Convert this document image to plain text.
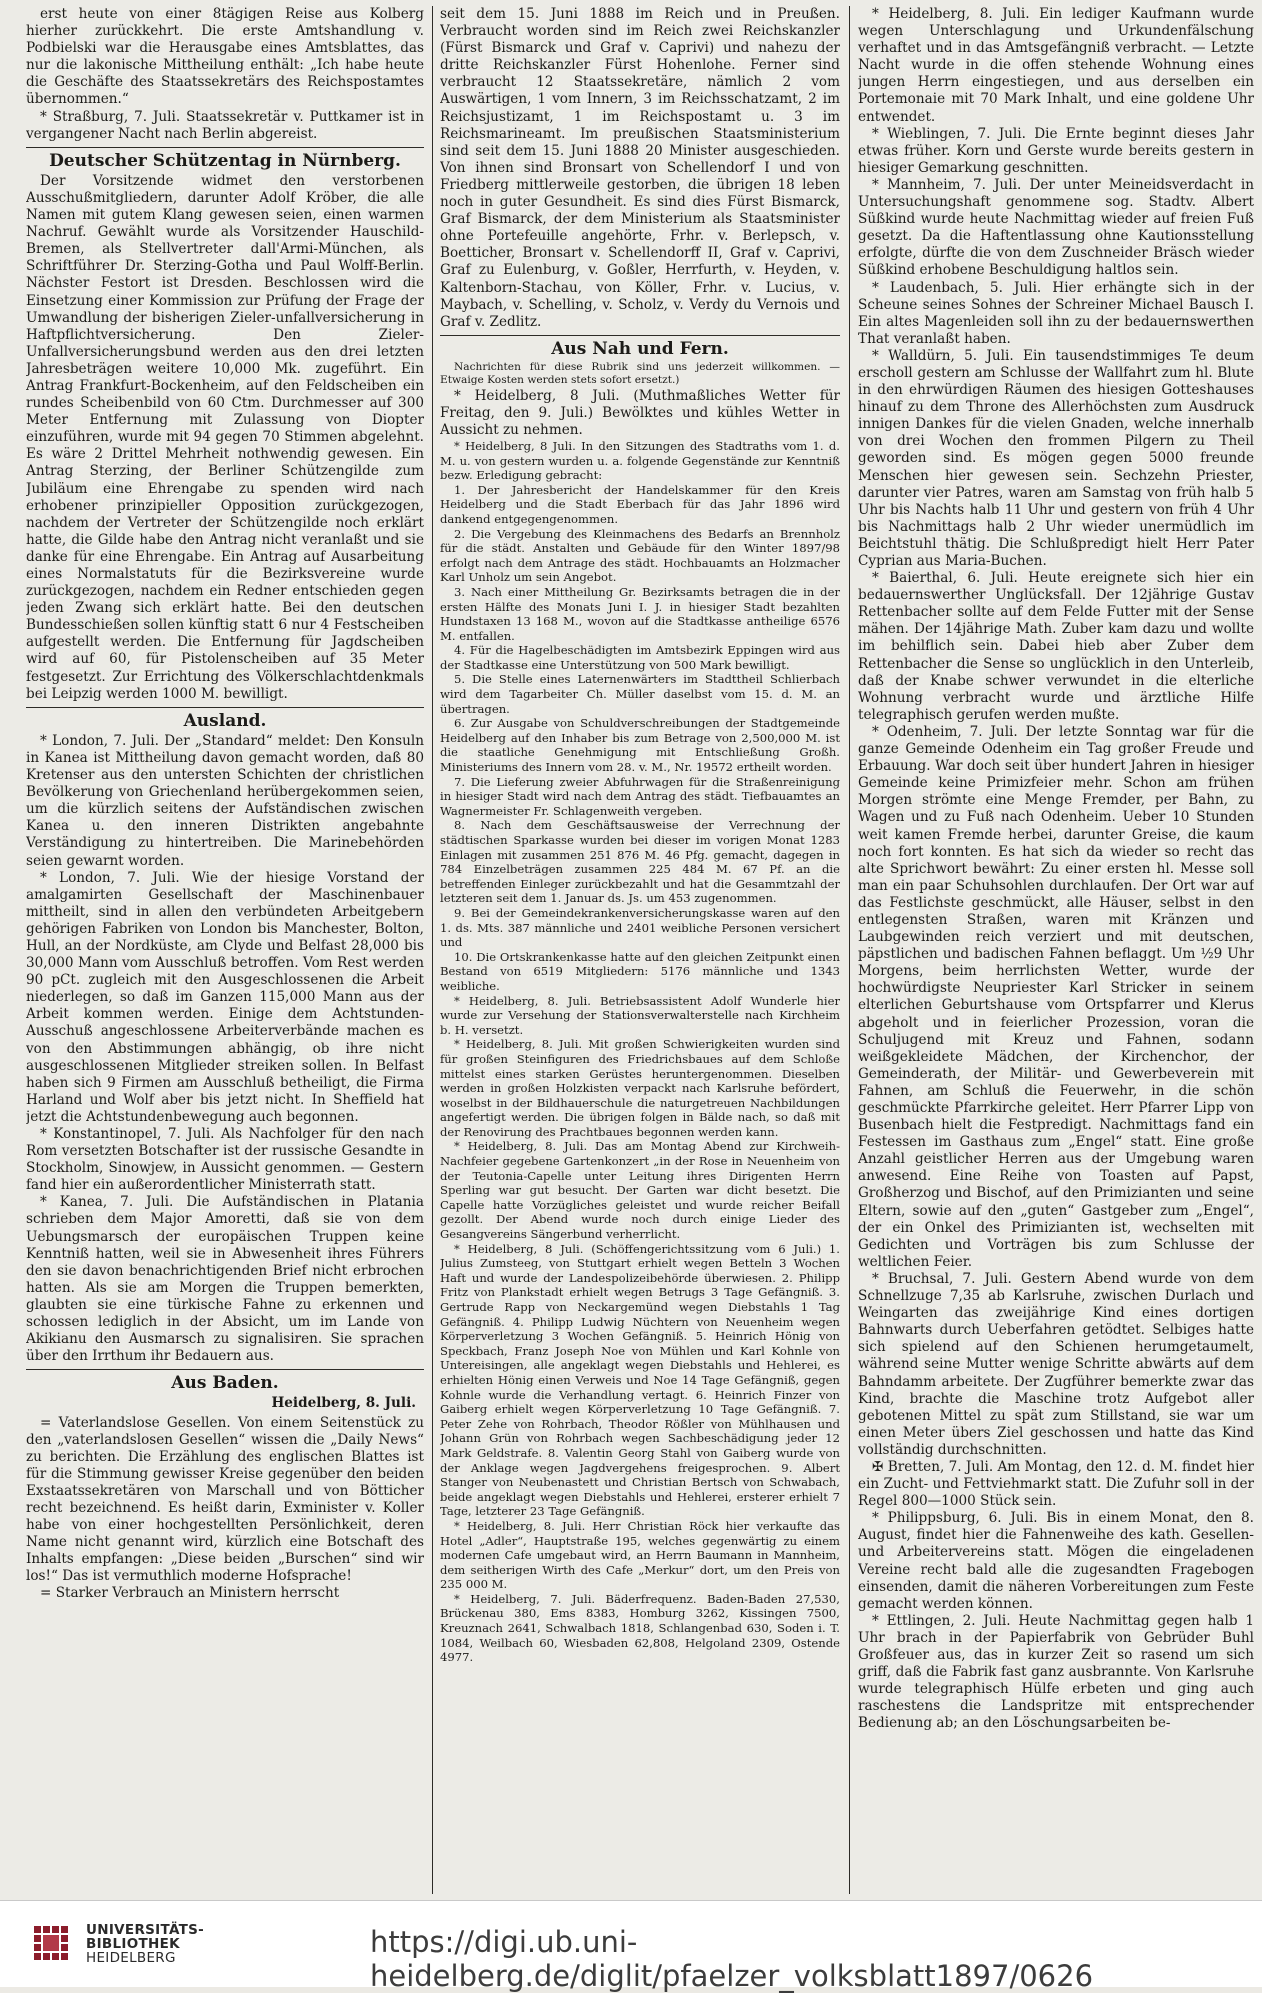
erst heute von einer 8tägigen Reise aus Kolberg hierher zurückkehrt. Die erste Amtshandlung v. Podbielski war die Herausgabe eines Amtsblattes, das nur die lakonische Mittheilung enthält: „Ich habe heute die Geschäfte des Staatssekretärs des Reichspostamtes übernommen.“

* Straßburg, 7. Juli. Staatssekretär v. Puttkamer ist in vergangener Nacht nach Berlin abgereist.

Deutscher Schützentag in Nürnberg.

Der Vorsitzende widmet den verstorbenen Ausschußmitgliedern, darunter Adolf Kröber, die alle Namen mit gutem Klang gewesen seien, einen warmen Nachruf. Gewählt wurde als Vorsitzender Hauschild-Bremen, als Stellvertreter dall'Armi-München, als Schriftführer Dr. Sterzing-Gotha und Paul Wolff-Berlin. Nächster Festort ist Dresden. Beschlossen wird die Einsetzung einer Kommission zur Prüfung der Frage der Umwandlung der bisherigen Zieler-unfallversicherung in Haftpflichtversicherung. Den Zieler-Unfallversicherungsbund werden aus den drei letzten Jahresbeträgen weitere 10,000 Mk. zugeführt. Ein Antrag Frankfurt-Bockenheim, auf den Feldscheiben ein rundes Scheibenbild von 60 Ctm. Durchmesser auf 300 Meter Entfernung mit Zulassung von Diopter einzuführen, wurde mit 94 gegen 70 Stimmen abgelehnt. Es wäre 2 Drittel Mehrheit nothwendig gewesen. Ein Antrag Sterzing, der Berliner Schützengilde zum Jubiläum eine Ehrengabe zu spenden wird nach erhobener prinzipieller Opposition zurückgezogen, nachdem der Vertreter der Schützengilde noch erklärt hatte, die Gilde habe den Antrag nicht veranlaßt und sie danke für eine Ehrengabe. Ein Antrag auf Ausarbeitung eines Normalstatuts für die Bezirksvereine wurde zurückgezogen, nachdem ein Redner entschieden gegen jeden Zwang sich erklärt hatte. Bei den deutschen Bundesschießen sollen künftig statt 6 nur 4 Festscheiben aufgestellt werden. Die Entfernung für Jagdscheiben wird auf 60, für Pistolenscheiben auf 35 Meter festgesetzt. Zur Errichtung des Völkerschlachtdenkmals bei Leipzig werden 1000 M. bewilligt.

Ausland.

* London, 7. Juli. Der „Standard“ meldet: Den Konsuln in Kanea ist Mittheilung davon gemacht worden, daß 80 Kretenser aus den untersten Schichten der christlichen Bevölkerung von Griechenland herübergekommen seien, um die kürzlich seitens der Aufständischen zwischen Kanea u. den inneren Distrikten angebahnte Verständigung zu hintertreiben. Die Marinebehörden seien gewarnt worden.

* London, 7. Juli. Wie der hiesige Vorstand der amalgamirten Gesellschaft der Maschinenbauer mittheilt, sind in allen den verbündeten Arbeitgebern gehörigen Fabriken von London bis Manchester, Bolton, Hull, an der Nordküste, am Clyde und Belfast 28,000 bis 30,000 Mann vom Ausschluß betroffen. Vom Rest werden 90 pCt. zugleich mit den Ausgeschlossenen die Arbeit niederlegen, so daß im Ganzen 115,000 Mann aus der Arbeit kommen werden. Einige dem Achtstunden-Ausschuß angeschlossene Arbeiterverbände machen es von den Abstimmungen abhängig, ob ihre nicht ausgeschlossenen Mitglieder streiken sollen. In Belfast haben sich 9 Firmen am Ausschluß betheiligt, die Firma Harland und Wolf aber bis jetzt nicht. In Sheffield hat jetzt die Achtstundenbewegung auch begonnen.

* Konstantinopel, 7. Juli. Als Nachfolger für den nach Rom versetzten Botschafter ist der russische Gesandte in Stockholm, Sinowjew, in Aussicht genommen. — Gestern fand hier ein außerordentlicher Ministerrath statt.

* Kanea, 7. Juli. Die Aufständischen in Platania schrieben dem Major Amoretti, daß sie von dem Uebungsmarsch der europäischen Truppen keine Kenntniß hatten, weil sie in Abwesenheit ihres Führers den sie davon benachrichtigenden Brief nicht erbrochen hatten. Als sie am Morgen die Truppen bemerkten, glaubten sie eine türkische Fahne zu erkennen und schossen lediglich in der Absicht, um im Lande von Akikianu den Ausmarsch zu signalisiren. Sie sprachen über den Irrthum ihr Bedauern aus.

Aus Baden.
Heidelberg, 8. Juli.

= Vaterlandslose Gesellen. Von einem Seitenstück zu den „vaterlandslosen Gesellen“ wissen die „Daily News“ zu berichten. Die Erzählung des englischen Blattes ist für die Stimmung gewisser Kreise gegenüber den beiden Exstaatssekretären von Marschall und von Bötticher recht bezeichnend. Es heißt darin, Exminister v. Koller habe von einer hochgestellten Persönlichkeit, deren Name nicht genannt wird, kürzlich eine Botschaft des Inhalts empfangen: „Diese beiden „Burschen“ sind wir los!“ Das ist vermuthlich moderne Hofsprache!

= Starker Verbrauch an Ministern herrscht

seit dem 15. Juni 1888 im Reich und in Preußen. Verbraucht worden sind im Reich zwei Reichskanzler (Fürst Bismarck und Graf v. Caprivi) und nahezu der dritte Reichskanzler Fürst Hohenlohe. Ferner sind verbraucht 12 Staatssekretäre, nämlich 2 vom Auswärtigen, 1 vom Innern, 3 im Reichsschatzamt, 2 im Reichsjustizamt, 1 im Reichspostamt u. 3 im Reichsmarineamt. Im preußischen Staatsministerium sind seit dem 15. Juni 1888 20 Minister ausgeschieden. Von ihnen sind Bronsart von Schellendorf I und von Friedberg mittlerweile gestorben, die übrigen 18 leben noch in guter Gesundheit. Es sind dies Fürst Bismarck, Graf Bismarck, der dem Ministerium als Staatsminister ohne Portefeuille angehörte, Frhr. v. Berlepsch, v. Boetticher, Bronsart v. Schellendorff II, Graf v. Caprivi, Graf zu Eulenburg, v. Goßler, Herrfurth, v. Heyden, v. Kaltenborn-Stachau, von Köller, Frhr. v. Lucius, v. Maybach, v. Schelling, v. Scholz, v. Verdy du Vernois und Graf v. Zedlitz.

Aus Nah und Fern.

Nachrichten für diese Rubrik sind uns jederzeit willkommen. — Etwaige Kosten werden stets sofort ersetzt.)

* Heidelberg, 8 Juli. (Muthmaßliches Wetter für Freitag, den 9. Juli.) Bewölktes und kühles Wetter in Aussicht zu nehmen.

* Heidelberg, 8 Juli. In den Sitzungen des Stadtraths vom 1. d. M. u. von gestern wurden u. a. folgende Gegenstände zur Kenntniß bezw. Erledigung gebracht:

1. Der Jahresbericht der Handelskammer für den Kreis Heidelberg und die Stadt Eberbach für das Jahr 1896 wird dankend entgegengenommen.

2. Die Vergebung des Kleinmachens des Bedarfs an Brennholz für die städt. Anstalten und Gebäude für den Winter 1897/98 erfolgt nach dem Antrage des städt. Hochbauamts an Holzmacher Karl Unholz um sein Angebot.

3. Nach einer Mittheilung Gr. Bezirksamts betragen die in der ersten Hälfte des Monats Juni I. J. in hiesiger Stadt bezahlten Hundstaxen 13 168 M., wovon auf die Stadtkasse antheilige 6576 M. entfallen.

4. Für die Hagelbeschädigten im Amtsbezirk Eppingen wird aus der Stadtkasse eine Unterstützung von 500 Mark bewilligt.

5. Die Stelle eines Laternenwärters im Stadttheil Schlierbach wird dem Tagarbeiter Ch. Müller daselbst vom 15. d. M. an übertragen.

6. Zur Ausgabe von Schuldverschreibungen der Stadtgemeinde Heidelberg auf den Inhaber bis zum Betrage von 2,500,000 M. ist die staatliche Genehmigung mit Entschließung Großh. Ministeriums des Innern vom 28. v. M., Nr. 19572 ertheilt worden.

7. Die Lieferung zweier Abfuhrwagen für die Straßenreinigung in hiesiger Stadt wird nach dem Antrag des städt. Tiefbauamtes an Wagnermeister Fr. Schlagenweith vergeben.

8. Nach dem Geschäftsausweise der Verrechnung der städtischen Sparkasse wurden bei dieser im vorigen Monat 1283 Einlagen mit zusammen 251 876 M. 46 Pfg. gemacht, dagegen in 784 Einzelbeträgen zusammen 225 484 M. 67 Pf. an die betreffenden Einleger zurückbezahlt und hat die Gesammtzahl der letzteren seit dem 1. Januar ds. Js. um 453 zugenommen.

9. Bei der Gemeindekrankenversicherungskasse waren auf den 1. ds. Mts. 387 männliche und 2401 weibliche Personen versichert und

10. Die Ortskrankenkasse hatte auf den gleichen Zeitpunkt einen Bestand von 6519 Mitgliedern: 5176 männliche und 1343 weibliche.

* Heidelberg, 8. Juli. Betriebsassistent Adolf Wunderle hier wurde zur Versehung der Stationsverwalterstelle nach Kirchheim b. H. versetzt.

* Heidelberg, 8. Juli. Mit großen Schwierigkeiten wurden sind für großen Steinfiguren des Friedrichsbaues auf dem Schloße mittelst eines starken Gerüstes heruntergenommen. Dieselben werden in großen Holzkisten verpackt nach Karlsruhe befördert, woselbst in der Bildhauerschule die naturgetreuen Nachbildungen angefertigt werden. Die übrigen folgen in Bälde nach, so daß mit der Renovirung des Prachtbaues begonnen werden kann.

* Heidelberg, 8. Juli. Das am Montag Abend zur Kirchweih-Nachfeier gegebene Gartenkonzert „in der Rose in Neuenheim von der Teutonia-Capelle unter Leitung ihres Dirigenten Herrn Sperling war gut besucht. Der Garten war dicht besetzt. Die Capelle hatte Vorzügliches geleistet und wurde reicher Beifall gezollt. Der Abend wurde noch durch einige Lieder des Gesangvereins Sängerbund verherrlicht.

* Heidelberg, 8 Juli. (Schöffengerichtssitzung vom 6 Juli.) 1. Julius Zumsteeg, von Stuttgart erhielt wegen Betteln 3 Wochen Haft und wurde der Landespolizeibehörde überwiesen. 2. Philipp Fritz von Plankstadt erhielt wegen Betrugs 3 Tage Gefängniß. 3. Gertrude Rapp von Neckargemünd wegen Diebstahls 1 Tag Gefängniß. 4. Philipp Ludwig Nüchtern von Neuenheim wegen Körperverletzung 3 Wochen Gefängniß. 5. Heinrich Hönig von Speckbach, Franz Joseph Noe von Mühlen und Karl Kohnle von Untereisingen, alle angeklagt wegen Diebstahls und Hehlerei, es erhielten Hönig einen Verweis und Noe 14 Tage Gefängniß, gegen Kohnle wurde die Verhandlung vertagt. 6. Heinrich Finzer von Gaiberg erhielt wegen Körperverletzung 10 Tage Gefängniß. 7. Peter Zehe von Rohrbach, Theodor Rößler von Mühlhausen und Johann Grün von Rohrbach wegen Sachbeschädigung jeder 12 Mark Geldstrafe. 8. Valentin Georg Stahl von Gaiberg wurde von der Anklage wegen Jagdvergehens freigesprochen. 9. Albert Stanger von Neubenastett und Christian Bertsch von Schwabach, beide angeklagt wegen Diebstahls und Hehlerei, ersterer erhielt 7 Tage, letzterer 23 Tage Gefängniß.

* Heidelberg, 8. Juli. Herr Christian Röck hier verkaufte das Hotel „Adler“, Hauptstraße 195, welches gegenwärtig zu einem modernen Cafe umgebaut wird, an Herrn Baumann in Mannheim, dem seitherigen Wirth des Cafe „Merkur“ dort, um den Preis von 235 000 M.

* Heidelberg, 7. Juli. Bäderfrequenz. Baden-Baden 27,530, Brückenau 380, Ems 8383, Homburg 3262, Kissingen 7500, Kreuznach 2641, Schwalbach 1818, Schlangenbad 630, Soden i. T. 1084, Weilbach 60, Wiesbaden 62,808, Helgoland 2309, Ostende 4977.

* Heidelberg, 8. Juli. Ein lediger Kaufmann wurde wegen Unterschlagung und Urkundenfälschung verhaftet und in das Amtsgefängniß verbracht. — Letzte Nacht wurde in die offen stehende Wohnung eines jungen Herrn eingestiegen, und aus derselben ein Portemonaie mit 70 Mark Inhalt, und eine goldene Uhr entwendet.

* Wieblingen, 7. Juli. Die Ernte beginnt dieses Jahr etwas früher. Korn und Gerste wurde bereits gestern in hiesiger Gemarkung geschnitten.

* Mannheim, 7. Juli. Der unter Meineidsverdacht in Untersuchungshaft genommene sog. Stadtv. Albert Süßkind wurde heute Nachmittag wieder auf freien Fuß gesetzt. Da die Haftentlassung ohne Kautionsstellung erfolgte, dürfte die von dem Zuschneider Bräsch wieder Süßkind erhobene Beschuldigung haltlos sein.

* Laudenbach, 5. Juli. Hier erhängte sich in der Scheune seines Sohnes der Schreiner Michael Bausch I. Ein altes Magenleiden soll ihn zu der bedauernswerthen That veranlaßt haben.

* Walldürn, 5. Juli. Ein tausendstimmiges Te deum erscholl gestern am Schlusse der Wallfahrt zum hl. Blute in den ehrwürdigen Räumen des hiesigen Gotteshauses hinauf zu dem Throne des Allerhöchsten zum Ausdruck innigen Dankes für die vielen Gnaden, welche innerhalb von drei Wochen den frommen Pilgern zu Theil geworden sind. Es mögen gegen 5000 freunde Menschen hier gewesen sein. Sechzehn Priester, darunter vier Patres, waren am Samstag von früh halb 5 Uhr bis Nachts halb 11 Uhr und gestern von früh 4 Uhr bis Nachmittags halb 2 Uhr wieder unermüdlich im Beichtstuhl thätig. Die Schlußpredigt hielt Herr Pater Cyprian aus Maria-Buchen.

* Baierthal, 6. Juli. Heute ereignete sich hier ein bedauernswerther Unglücksfall. Der 12jährige Gustav Rettenbacher sollte auf dem Felde Futter mit der Sense mähen. Der 14jährige Math. Zuber kam dazu und wollte im behilflich sein. Dabei hieb aber Zuber dem Rettenbacher die Sense so unglücklich in den Unterleib, daß der Knabe schwer verwundet in die elterliche Wohnung verbracht wurde und ärztliche Hilfe telegraphisch gerufen werden mußte.

* Odenheim, 7. Juli. Der letzte Sonntag war für die ganze Gemeinde Odenheim ein Tag großer Freude und Erbauung. War doch seit über hundert Jahren in hiesiger Gemeinde keine Primizfeier mehr. Schon am frühen Morgen strömte eine Menge Fremder, per Bahn, zu Wagen und zu Fuß nach Odenheim. Ueber 10 Stunden weit kamen Fremde herbei, darunter Greise, die kaum noch fort konnten. Es hat sich da wieder so recht das alte Sprichwort bewährt: Zu einer ersten hl. Messe soll man ein paar Schuhsohlen durchlaufen. Der Ort war auf das Festlichste geschmückt, alle Häuser, selbst in den entlegensten Straßen, waren mit Kränzen und Laubgewinden reich verziert und mit deutschen, päpstlichen und badischen Fahnen beflaggt. Um ½9 Uhr Morgens, beim herrlichsten Wetter, wurde der hochwürdigste Neupriester Karl Stricker in seinem elterlichen Geburtshause vom Ortspfarrer und Klerus abgeholt und in feierlicher Prozession, voran die Schuljugend mit Kreuz und Fahnen, sodann weißgekleidete Mädchen, der Kirchenchor, der Gemeinderath, der Militär- und Gewerbeverein mit Fahnen, am Schluß die Feuerwehr, in die schön geschmückte Pfarrkirche geleitet. Herr Pfarrer Lipp von Busenbach hielt die Festpredigt. Nachmittags fand ein Festessen im Gasthaus zum „Engel“ statt. Eine große Anzahl geistlicher Herren aus der Umgebung waren anwesend. Eine Reihe von Toasten auf Papst, Großherzog und Bischof, auf den Primizianten und seine Eltern, sowie auf den „guten“ Gastgeber zum „Engel“, der ein Onkel des Primizianten ist, wechselten mit Gedichten und Vorträgen bis zum Schlusse der weltlichen Feier.

* Bruchsal, 7. Juli. Gestern Abend wurde von dem Schnellzuge 7,35 ab Karlsruhe, zwischen Durlach und Weingarten das zweijährige Kind eines dortigen Bahnwarts durch Ueberfahren getödtet. Selbiges hatte sich spielend auf den Schienen herumgetaumelt, während seine Mutter wenige Schritte abwärts auf dem Bahndamm arbeitete. Der Zugführer bemerkte zwar das Kind, brachte die Maschine trotz Aufgebot aller gebotenen Mittel zu spät zum Stillstand, sie war um einen Meter übers Ziel geschossen und hatte das Kind vollständig durchschnitten.

✠ Bretten, 7. Juli. Am Montag, den 12. d. M. findet hier ein Zucht- und Fettviehmarkt statt. Die Zufuhr soll in der Regel 800—1000 Stück sein.

* Philippsburg, 6. Juli. Bis in einem Monat, den 8. August, findet hier die Fahnenweihe des kath. Gesellen- und Arbeitervereins statt. Mögen die eingeladenen Vereine recht bald alle die zugesandten Fragebogen einsenden, damit die näheren Vorbereitungen zum Feste gemacht werden können.

* Ettlingen, 2. Juli. Heute Nachmittag gegen halb 1 Uhr brach in der Papierfabrik von Gebrüder Buhl Großfeuer aus, das in kurzer Zeit so rasend um sich griff, daß die Fabrik fast ganz ausbrannte. Von Karlsruhe wurde telegraphisch Hülfe erbeten und ging auch raschestens die Landspritze mit entsprechender Bedienung ab; an den Löschungsarbeiten be-

UNIVERSITÄTS-
BIBLIOTHEK
HEIDELBERG	https://digi.ub.uni-heidelberg.de/diglit/pfaelzer_volksblatt1897/0626
